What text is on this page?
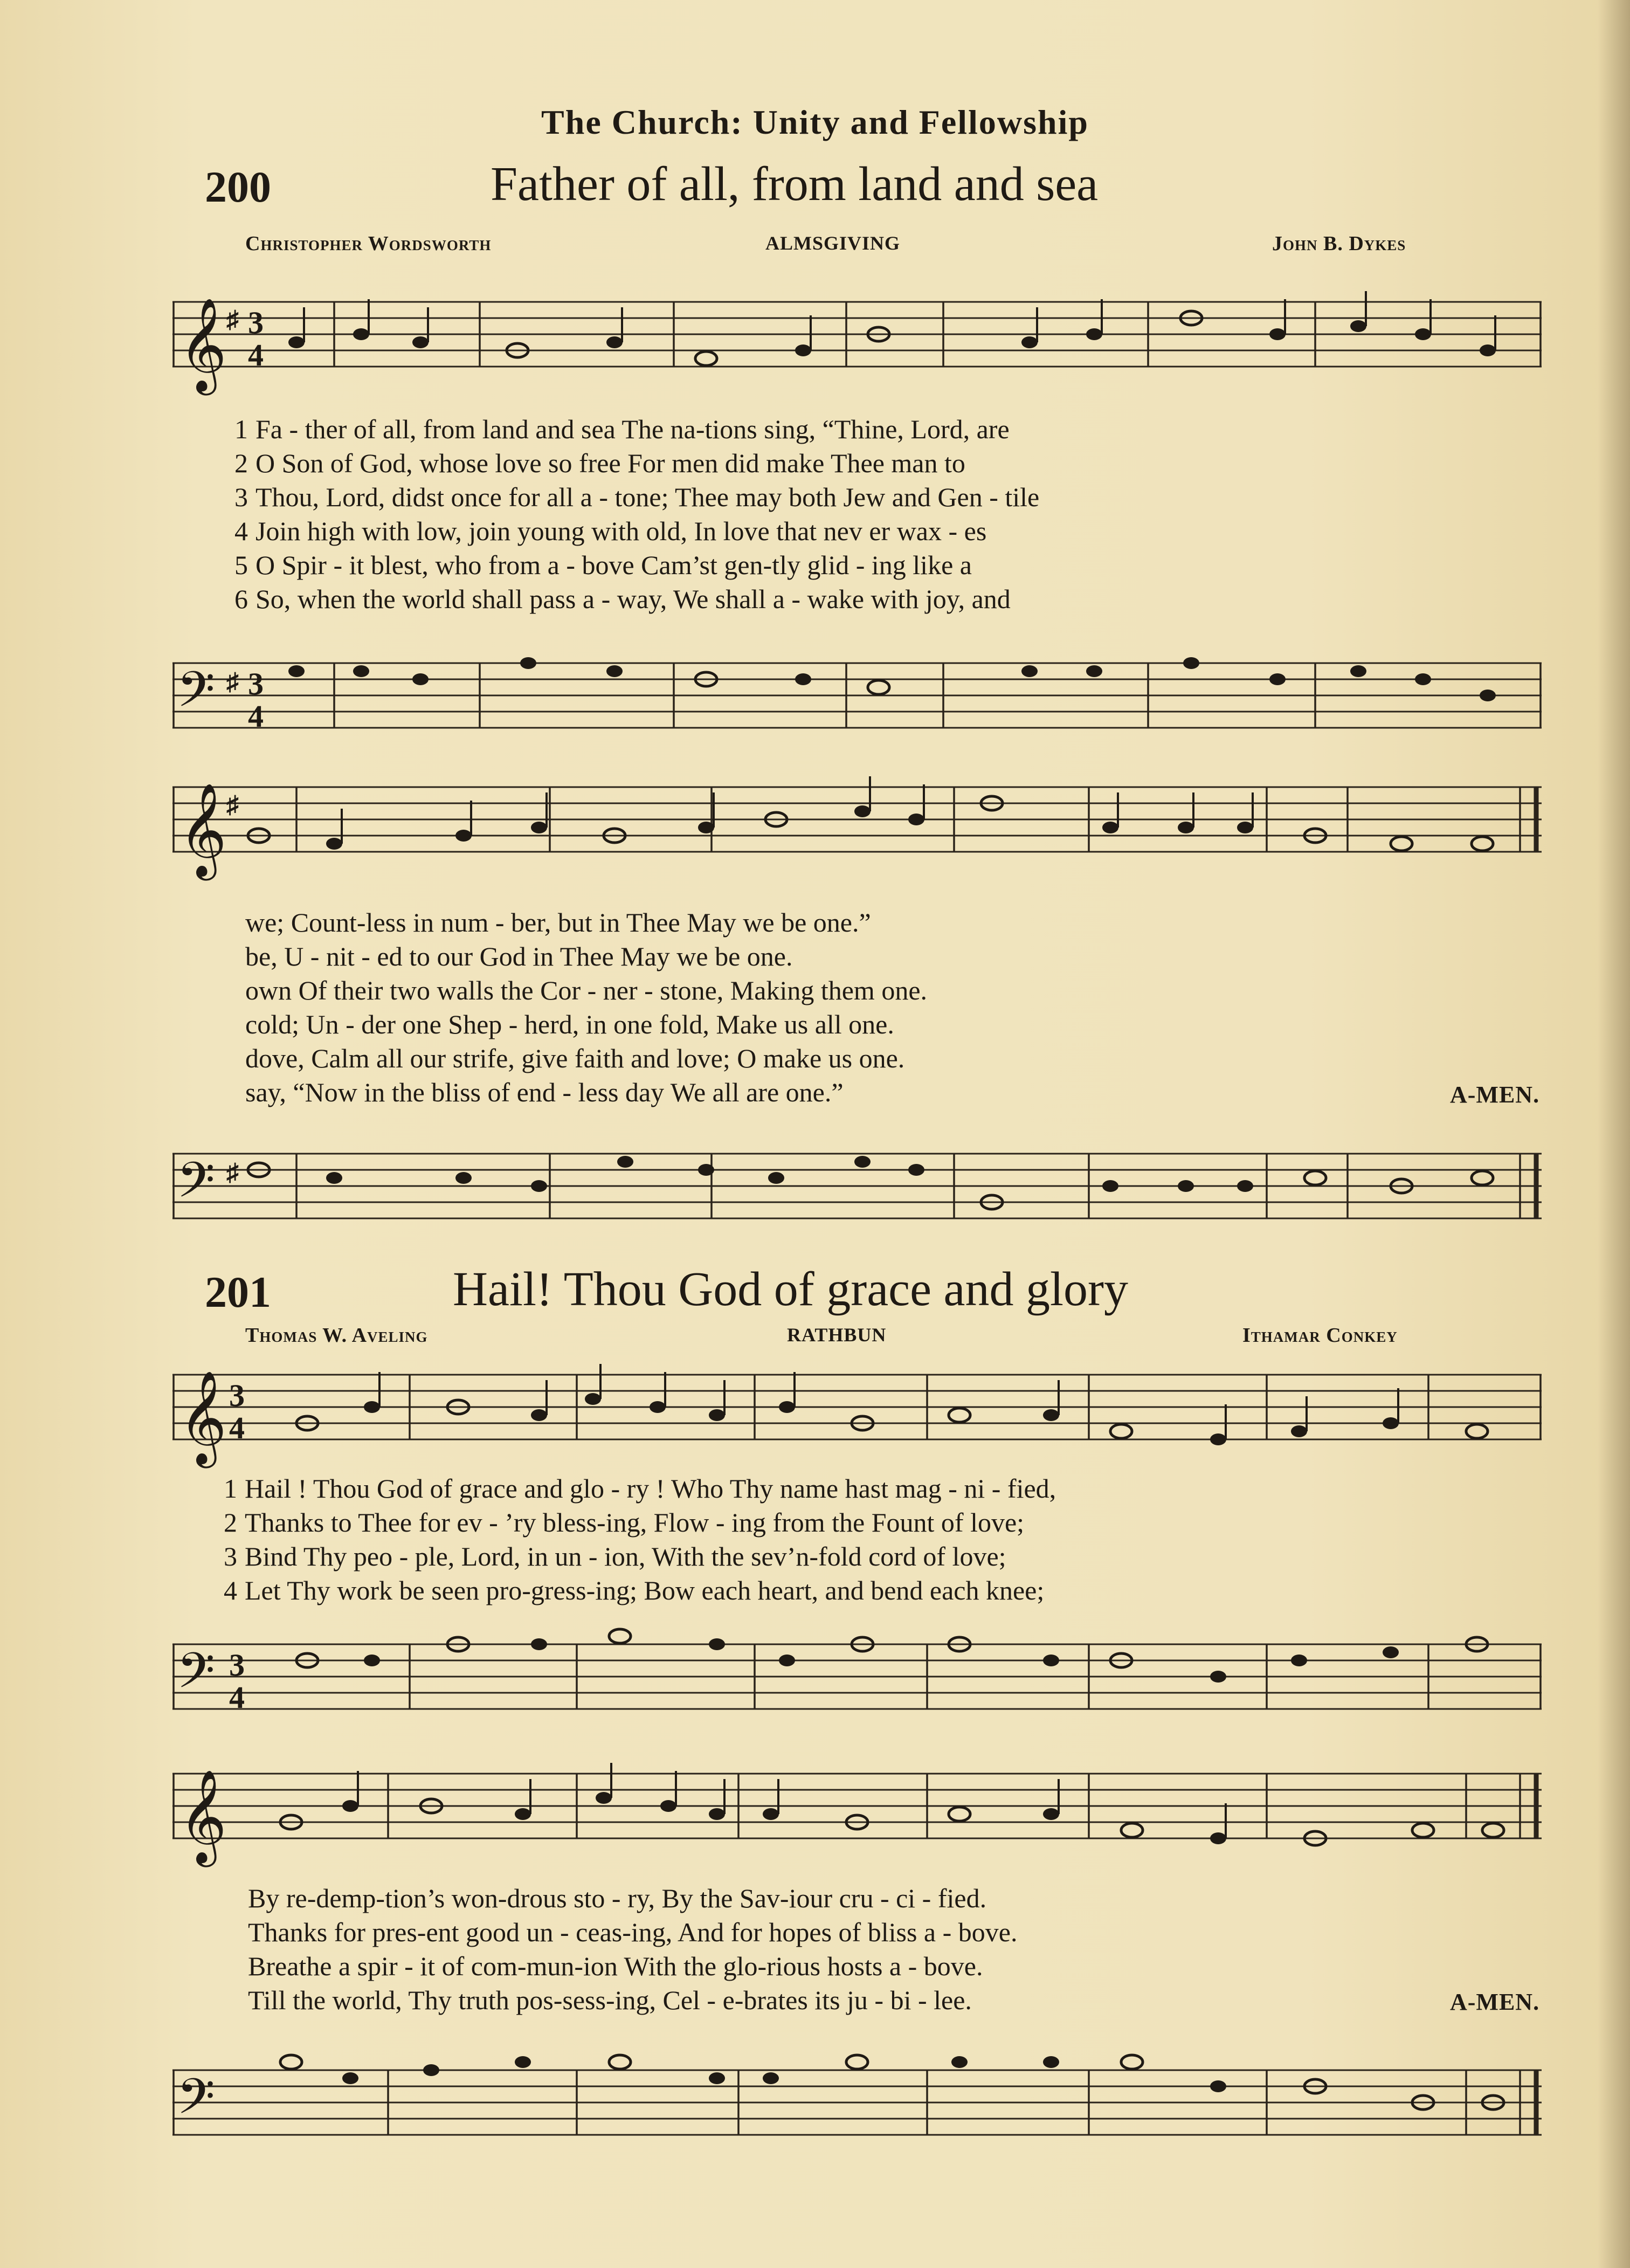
The Church: Unity and Fellowship
200	Father of all, from land and sea
Christopher Wordsworth	ALMSGIVING	John B. Dykes
𝄞 ♯ 3
4
1 Fa - ther of all, from land and sea The na-tions sing, “Thine, Lord, are
2 O Son of God, whose love so free For men did make Thee man to
3 Thou, Lord, didst once for all a - tone; Thee may both Jew and Gen - tile
4 Join high with low, join young with old, In love that nev er wax - es
5 O Spir - it blest, who from a - bove Cam’st gen-tly glid - ing like a
6 So, when the world shall pass a - way, We shall a - wake with joy, and
𝄢 ♯ 3
4
𝄞 ♯
we; Count-less in num - ber, but in Thee May we be one.”
be, U - nit - ed to our God in Thee May we be one.
own Of their two walls the Cor - ner - stone, Making them one.
cold; Un - der one Shep - herd, in one fold, Make us all one.
dove, Calm all our strife, give faith and love; O make us one.
say, “Now in the bliss of end - less day We all are one.”	A-MEN.
𝄢 ♯
201	Hail! Thou God of grace and glory
Thomas W. Aveling	RATHBUN	Ithamar Conkey
𝄞 3
4
1 Hail ! Thou God of grace and glo - ry ! Who Thy name hast mag - ni - fied,
2 Thanks to Thee for ev - ’ry bless-ing, Flow - ing from the Fount of love;
3 Bind Thy peo - ple, Lord, in un - ion, With the sev’n-fold cord of love;
4 Let Thy work be seen pro-gress-ing; Bow each heart, and bend each knee;
𝄢 3
4
𝄞
By re-demp-tion’s won-drous sto - ry, By the Sav-iour cru - ci - fied.
Thanks for pres-ent good un - ceas-ing, And for hopes of bliss a - bove.
Breathe a spir - it of com-mun-ion With the glo-rious hosts a - bove.
Till the world, Thy truth pos-sess-ing, Cel - e-brates its ju - bi - lee.	A-MEN.
𝄢
